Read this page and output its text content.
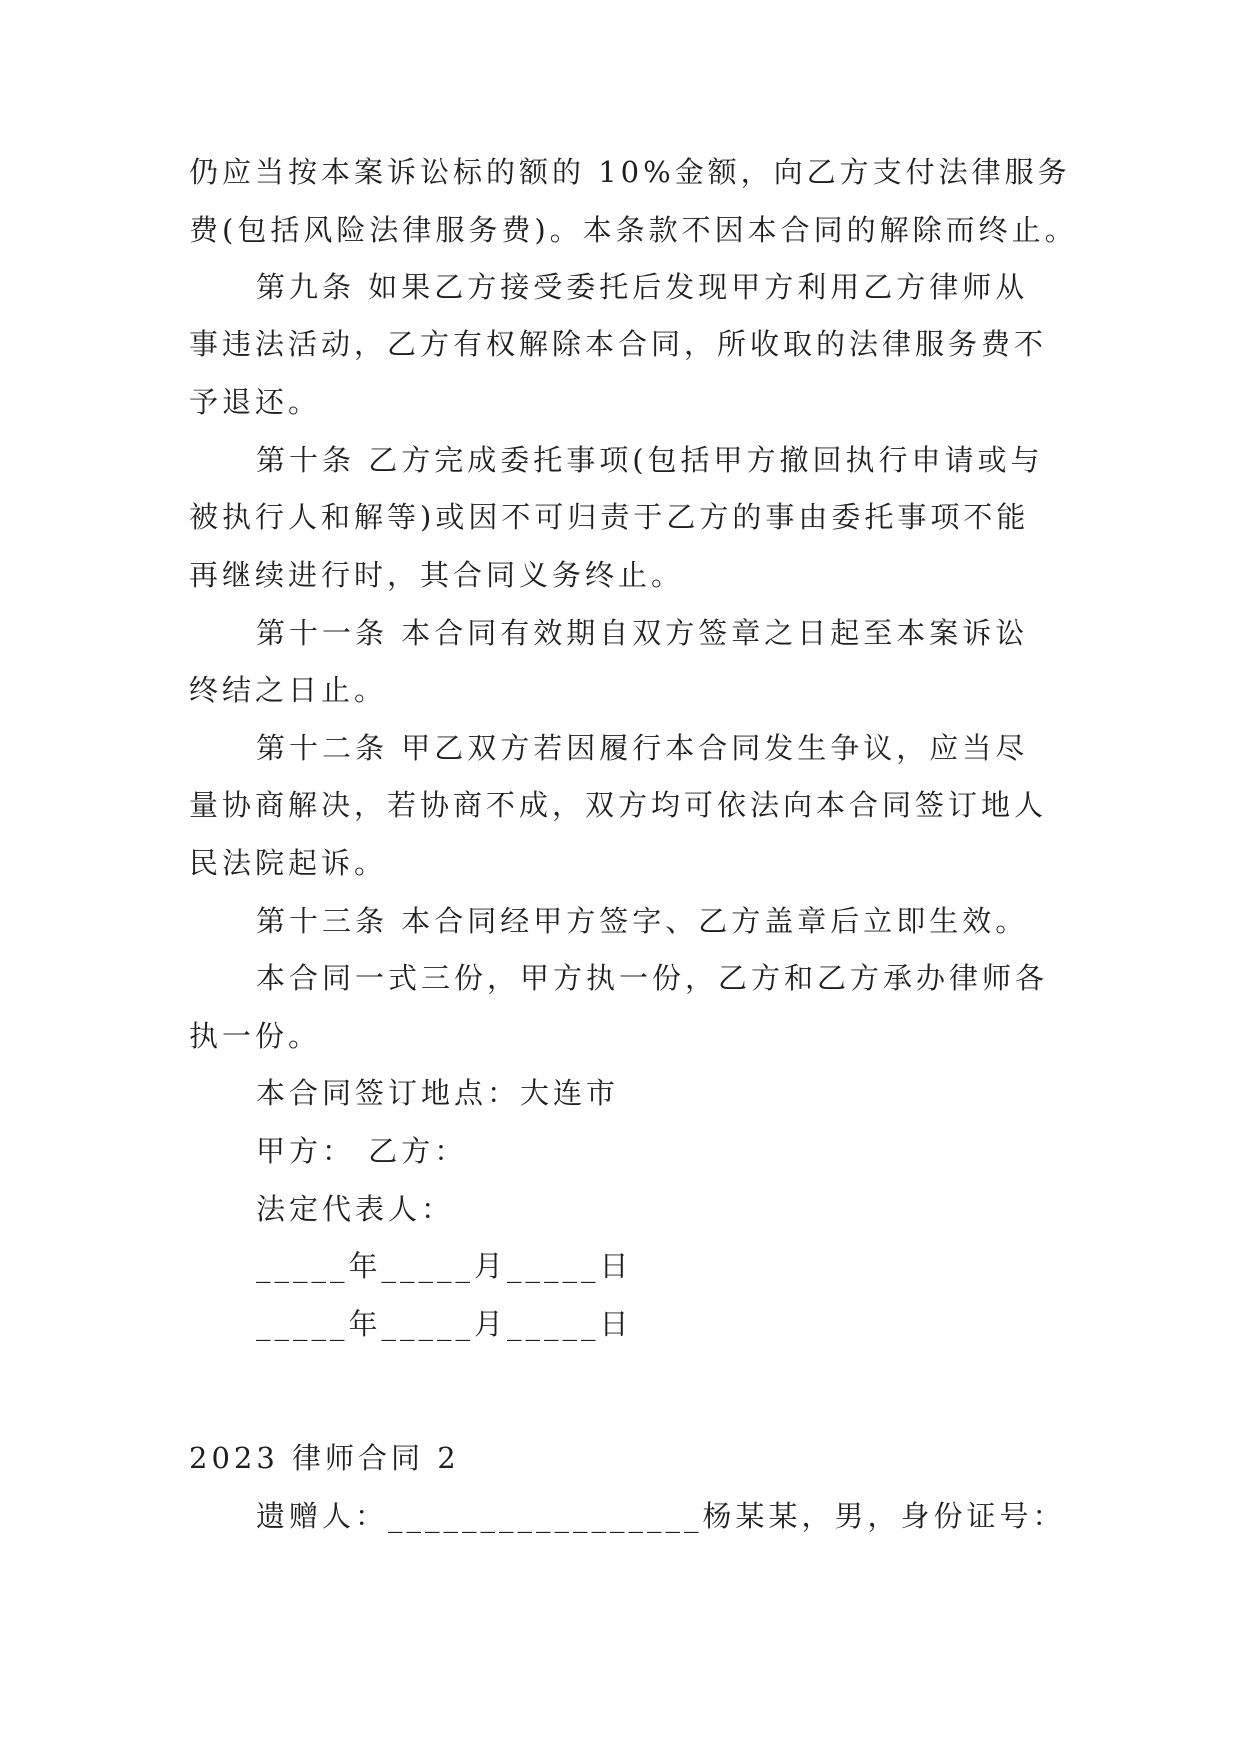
仍应当按本案诉讼标的额的 10%金额，向乙方支付法律服务
费(包括风险法律服务费)。本条款不因本合同的解除而终止。
第九条 如果乙方接受委托后发现甲方利用乙方律师从
事违法活动，乙方有权解除本合同，所收取的法律服务费不
予退还。
第十条 乙方完成委托事项(包括甲方撤回执行申请或与
被执行人和解等)或因不可归责于乙方的事由委托事项不能
再继续进行时，其合同义务终止。
第十一条 本合同有效期自双方签章之日起至本案诉讼
终结之日止。
第十二条 甲乙双方若因履行本合同发生争议，应当尽
量协商解决，若协商不成，双方均可依法向本合同签订地人
民法院起诉。
第十三条 本合同经甲方签字、乙方盖章后立即生效。
本合同一式三份，甲方执一份，乙方和乙方承办律师各
执一份。
本合同签订地点：大连市
甲方： 乙方：
法定代表人：
_____年_____月_____日
_____年_____月_____日
2023 律师合同 2
遗赠人：_________________杨某某，男，身份证号：
